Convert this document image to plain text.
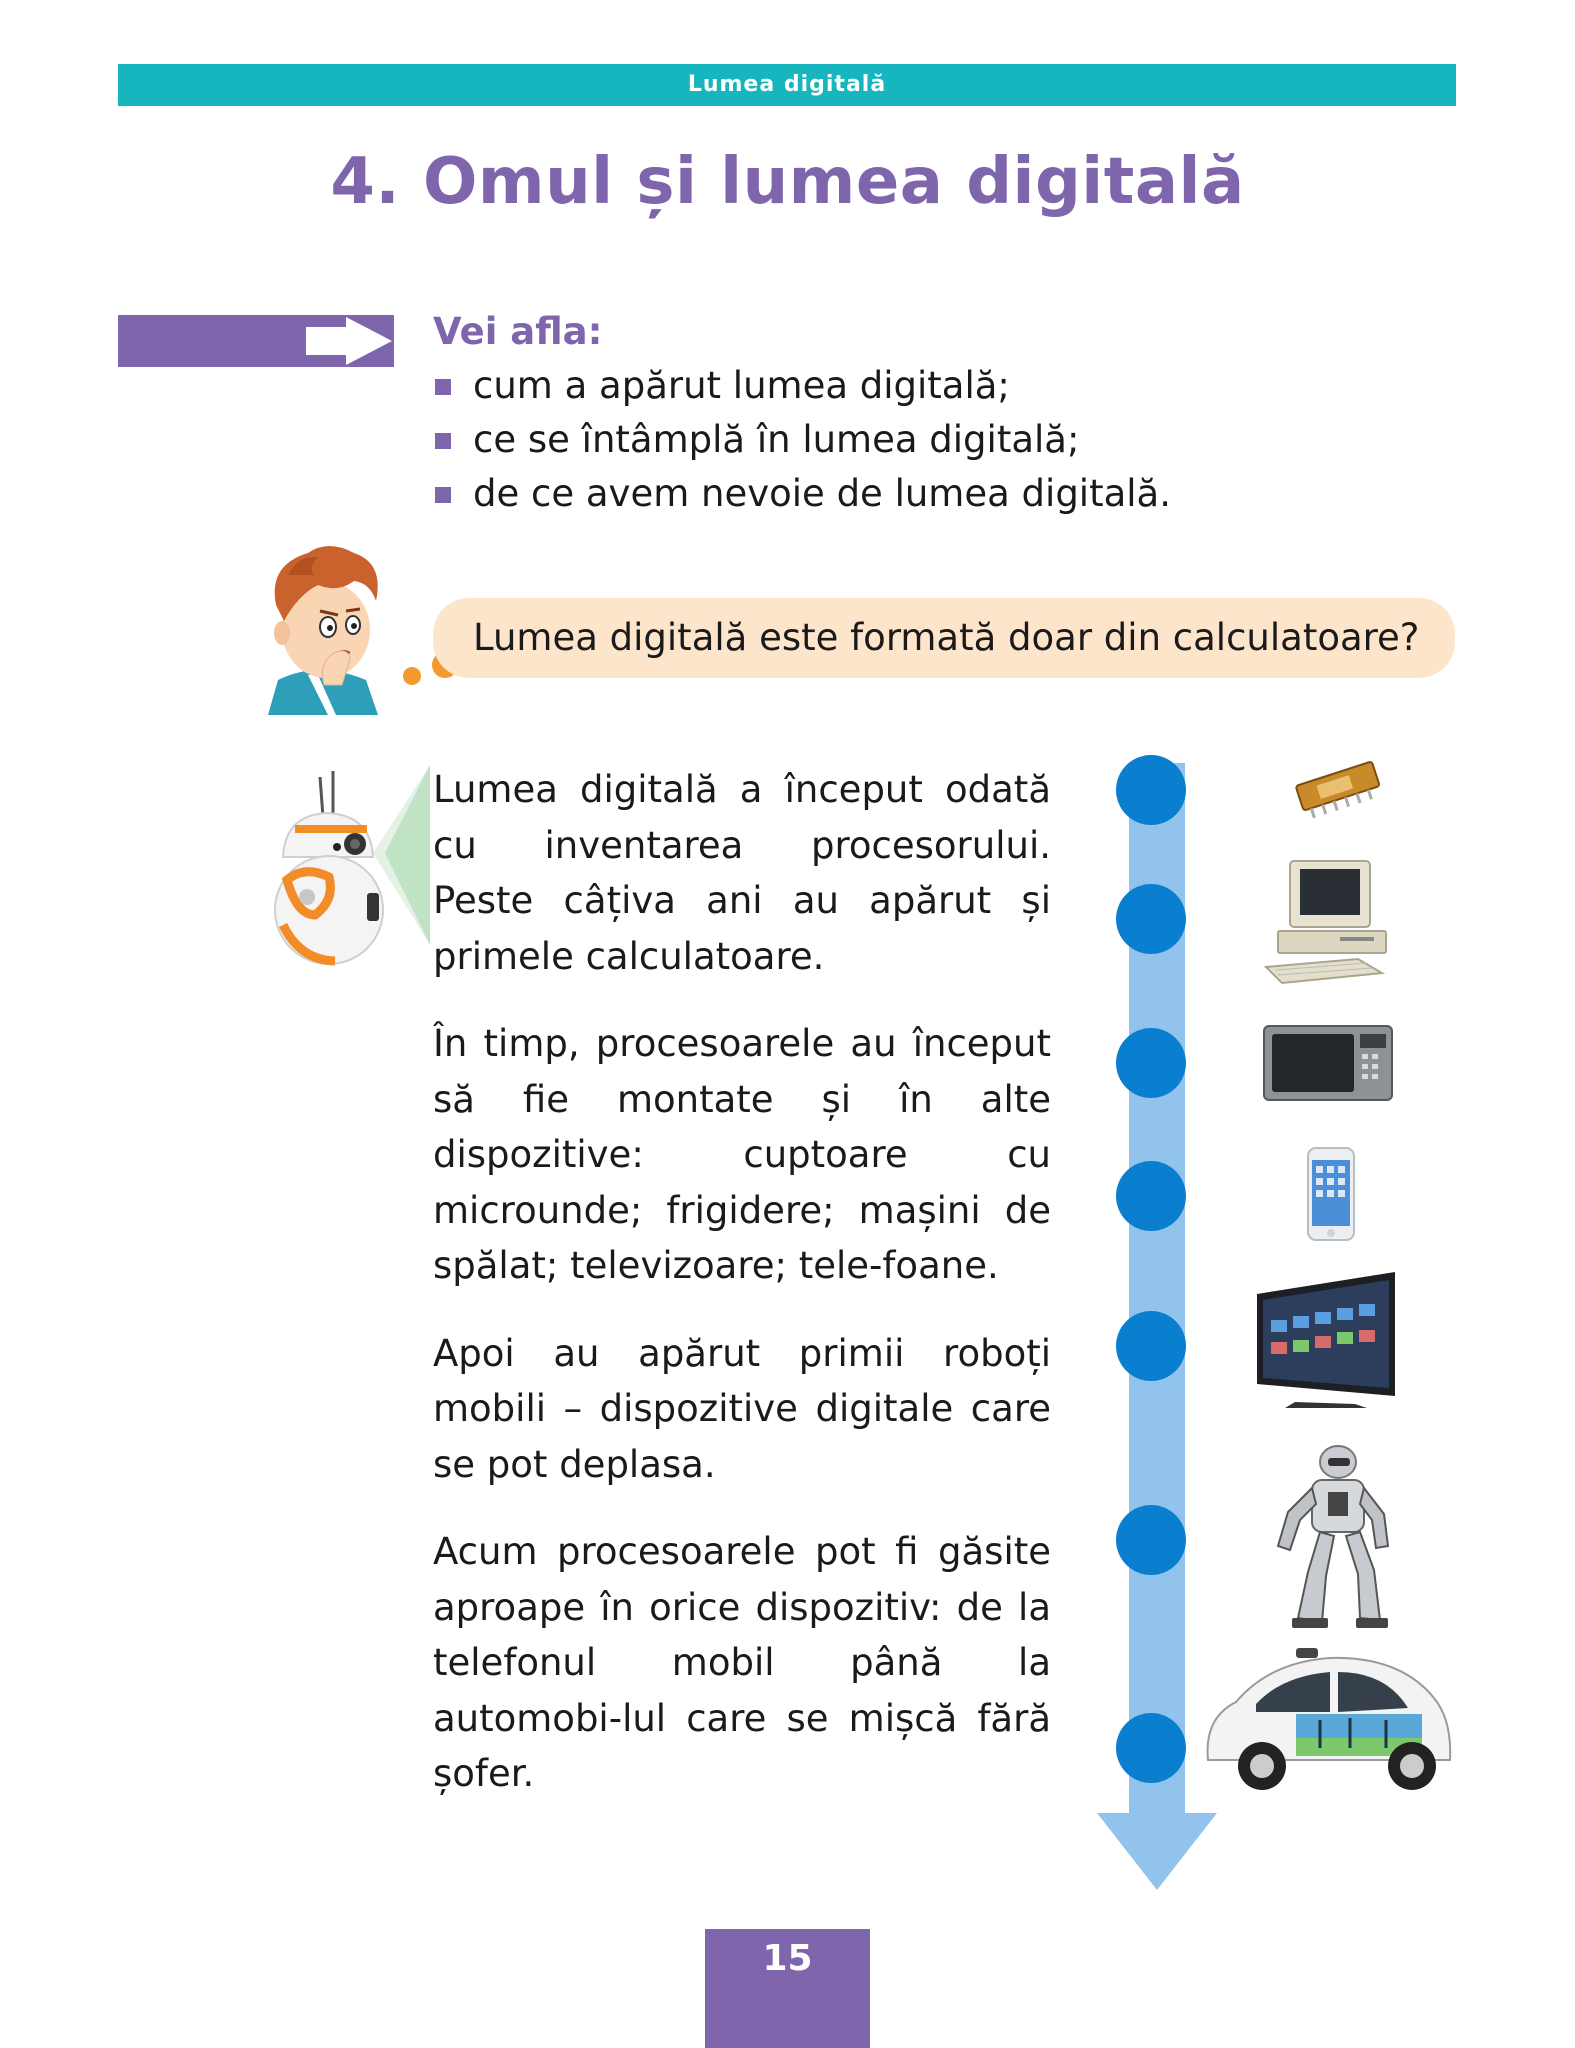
Lumea digitală
4. Omul și lumea digitală
Vei afla:
cum a apărut lumea digitală;
ce se întâmplă în lumea digitală;
de ce avem nevoie de lumea digitală.
Lumea digitală este formată doar din calculatoare?

Lumea digitală a început odată cu inventarea procesorului. Peste câțiva ani au apărut și primele calculatoare.

În timp, procesoarele au început să fie montate și în alte dispozitive: cuptoare cu microunde; frigidere; mașini de spălat; televizoare; tele-foane.

Apoi au apărut primii roboți mobili – dispozitive digitale care se pot deplasa.

Acum procesoarele pot fi găsite aproape în orice dispozitiv: de la telefonul mobil până la automobi-lul care se mișcă fără șofer.

15
